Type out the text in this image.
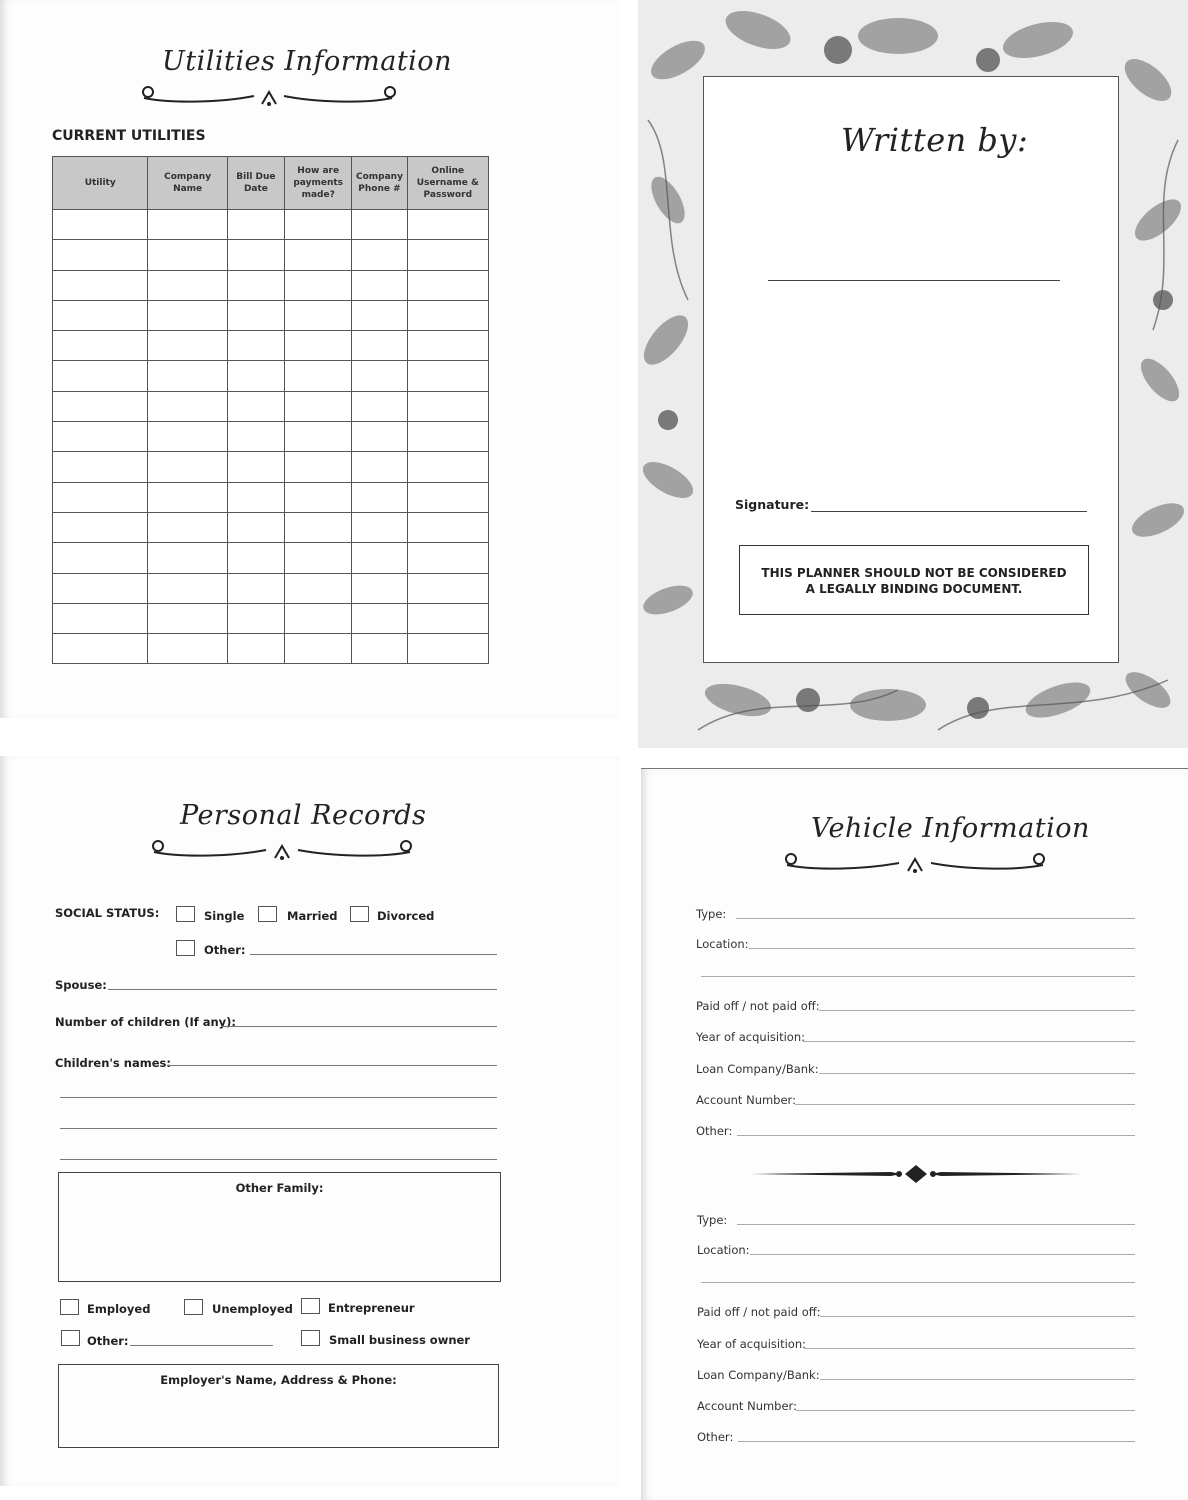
Utilities Information
CURRENT UTILITIES
Utility	Company Name	Bill Due Date	How are payments made?	Company Phone #	Online Username & Password

Written by:
Signature:
THIS PLANNER SHOULD NOT BE CONSIDERED
A LEGALLY BINDING DOCUMENT.
Personal Records
SOCIAL STATUS:	Single	Married	Divorced
Other:
Spouse:
Number of children (If any):
Children's names:
Other Family:
Employed	Unemployed	Entrepreneur
Other:	Small business owner
Employer's Name, Address & Phone:
Vehicle Information
Type:
Location:
Paid off / not paid off:
Year of acquisition:
Loan Company/Bank:
Account Number:
Other:
Type:
Location:
Paid off / not paid off:
Year of acquisition:
Loan Company/Bank:
Account Number:
Other:
